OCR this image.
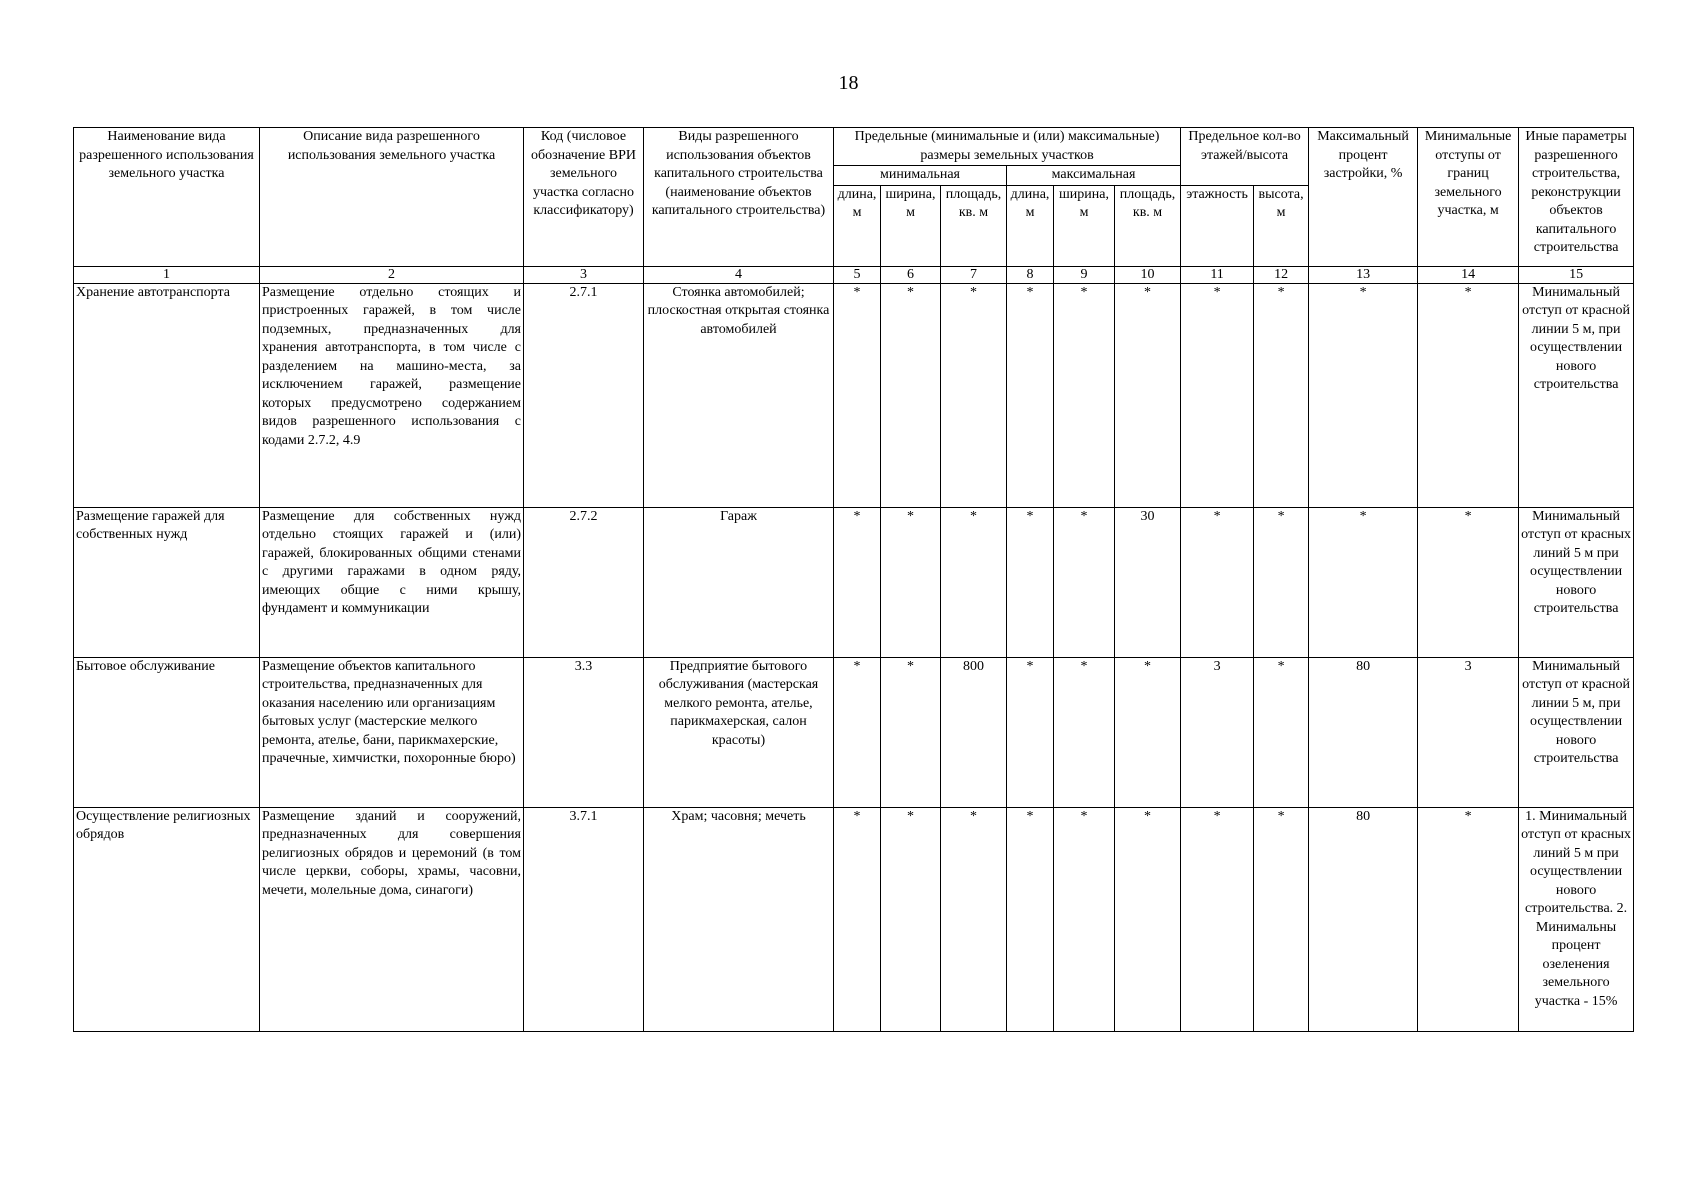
18
Наименование вида разрешенного использования земельного участка	Описание вида разрешенного использования земельного участка	Код (числовое обозначение ВРИ земельного участка согласно классификатору)	Виды разрешенного использования объектов капитального строительства (наименование объектов капитального строительства)	Предельные (минимальные и (или) максимальные) размеры земельных участков						Предельное кол-во этажей/высота		Максимальный процент застройки, %	Минимальные отступы от границ земельного участка, м	Иные параметры разрешенного строительства, реконструкции объектов капитального строительства
				минимальная			максимальная							
				длина, м	ширина, м	площадь, кв. м	длина, м	ширина, м	площадь, кв. м	этажность	высота, м			
1	2	3	4	5	6	7	8	9	10	11	12	13	14	15
Хранение автотранспорта	Размещение отдельно стоящих и пристроенных гаражей, в том числе подземных, предназначенных для хранения автотранспорта, в том числе с разделением на машино-места, за исключением гаражей, размещение которых предусмотрено содержанием видов разрешенного использования с кодами 2.7.2, 4.9	2.7.1	Стоянка автомобилей; плоскостная открытая стоянка автомобилей	*	*	*	*	*	*	*	*	*	*	Минимальный отступ от красной линии 5 м, при осуществлении нового строительства
Размещение гаражей для собственных нужд	Размещение для собственных нужд отдельно стоящих гаражей и (или) гаражей, блокированных общими стенами с другими гаражами в одном ряду, имеющих общие с ними крышу, фундамент и коммуникации	2.7.2	Гараж	*	*	*	*	*	30	*	*	*	*	Минимальный отступ от красных линий 5 м при осуществлении нового строительства
Бытовое обслуживание	Размещение объектов капитального строительства, предназначенных для оказания населению или организациям бытовых услуг (мастерские мелкого ремонта, ателье, бани, парикмахерские, прачечные, химчистки, похоронные бюро)	3.3	Предприятие бытового обслуживания (мастерская мелкого ремонта, ателье, парикмахерская, салон красоты)	*	*	800	*	*	*	3	*	80	3	Минимальный отступ от красной линии 5 м, при осуществлении нового строительства
Осуществление религиозных обрядов	Размещение зданий и сооружений, предназначенных для совершения религиозных обрядов и церемоний (в том числе церкви, соборы, храмы, часовни, мечети, молельные дома, синагоги)	3.7.1	Храм; часовня; мечеть	*	*	*	*	*	*	*	*	80	*	1. Минимальный отступ от красных линий 5 м при осуществлении нового строительства. 2. Минимальны процент озеленения земельного участка - 15%
